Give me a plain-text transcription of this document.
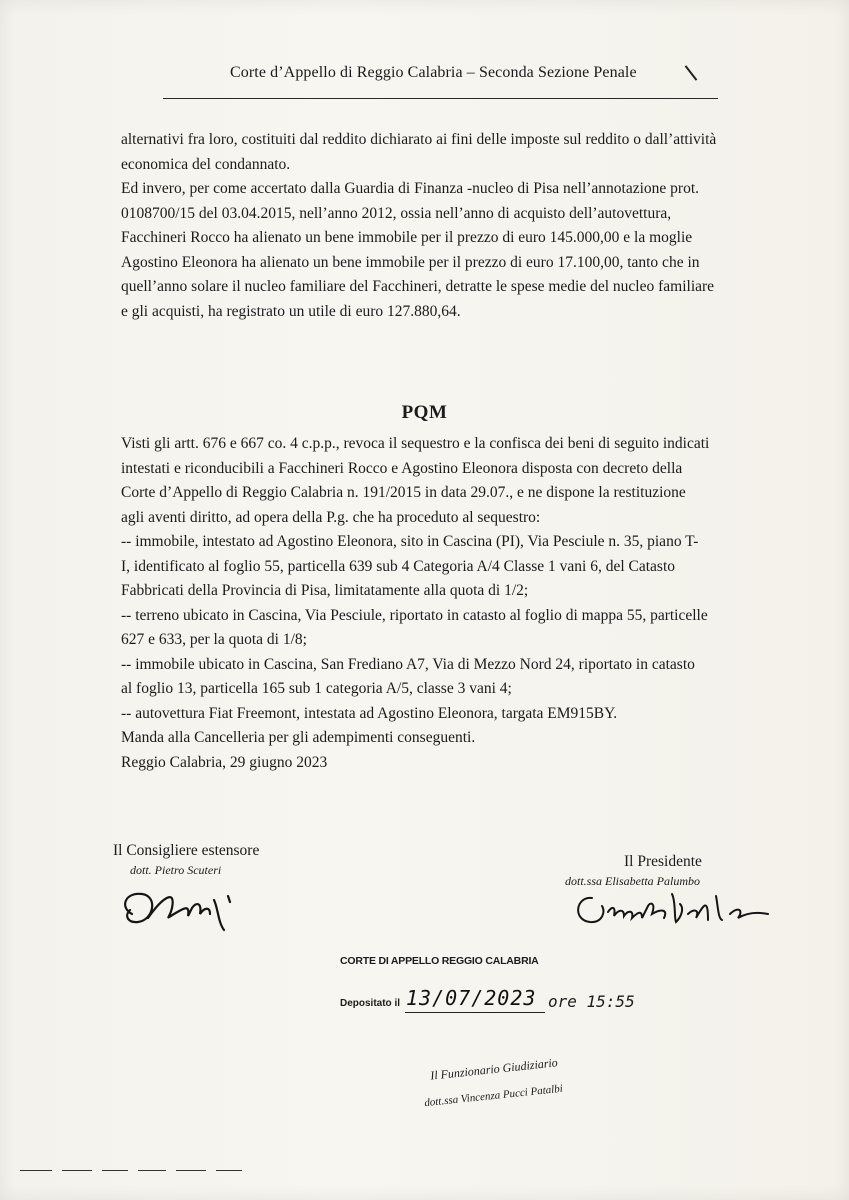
Corte d’Appello di Reggio Calabria – Seconda Sezione Penale
alternativi fra loro, costituiti dal reddito dichiarato ai fini delle imposte sul reddito o dall’attività
economica del condannato.
Ed invero, per come accertato dalla Guardia di Finanza -nucleo di Pisa nell’annotazione prot.
0108700/15 del 03.04.2015, nell’anno 2012, ossia nell’anno di acquisto dell’autovettura,
Facchineri Rocco ha alienato un bene immobile per il prezzo di euro 145.000,00 e la moglie
Agostino Eleonora ha alienato un bene immobile per il prezzo di euro 17.100,00, tanto che in
quell’anno solare il nucleo familiare del Facchineri, detratte le spese medie del nucleo familiare
e gli acquisti, ha registrato un utile di euro 127.880,64.
PQM
Visti gli artt. 676 e 667 co. 4 c.p.p., revoca il sequestro e la confisca dei beni di seguito indicati
intestati e riconducibili a Facchineri Rocco e Agostino Eleonora disposta con decreto della
Corte d’Appello di Reggio Calabria n. 191/2015 in data 29.07., e ne dispone la restituzione
agli aventi diritto, ad opera della P.g. che ha proceduto al sequestro:
-- immobile, intestato ad Agostino Eleonora, sito in Cascina (PI), Via Pesciule n. 35, piano T-
I, identificato al foglio 55, particella 639 sub 4 Categoria A/4 Classe 1 vani 6, del Catasto
Fabbricati della Provincia di Pisa, limitatamente alla quota di 1/2;
-- terreno ubicato in Cascina, Via Pesciule, riportato in catasto al foglio di mappa 55, particelle
627 e 633, per la quota di 1/8;
-- immobile ubicato in Cascina, San Frediano A7, Via di Mezzo Nord 24, riportato in catasto
al foglio 13, particella 165 sub 1 categoria A/5, classe 3 vani 4;
-- autovettura Fiat Freemont, intestata ad Agostino Eleonora, targata EM915BY.
Manda alla Cancelleria per gli adempimenti conseguenti.
Reggio Calabria, 29 giugno 2023
Il Consigliere estensore
dott. Pietro Scuteri	Il Presidente
dott.ssa Elisabetta Palumbo
CORTE DI APPELLO REGGIO CALABRIA
Depositato il 13/07/2023 ore 15:55
Il Funzionario Giudiziario
dott.ssa Vincenza Pucci Patalbi
